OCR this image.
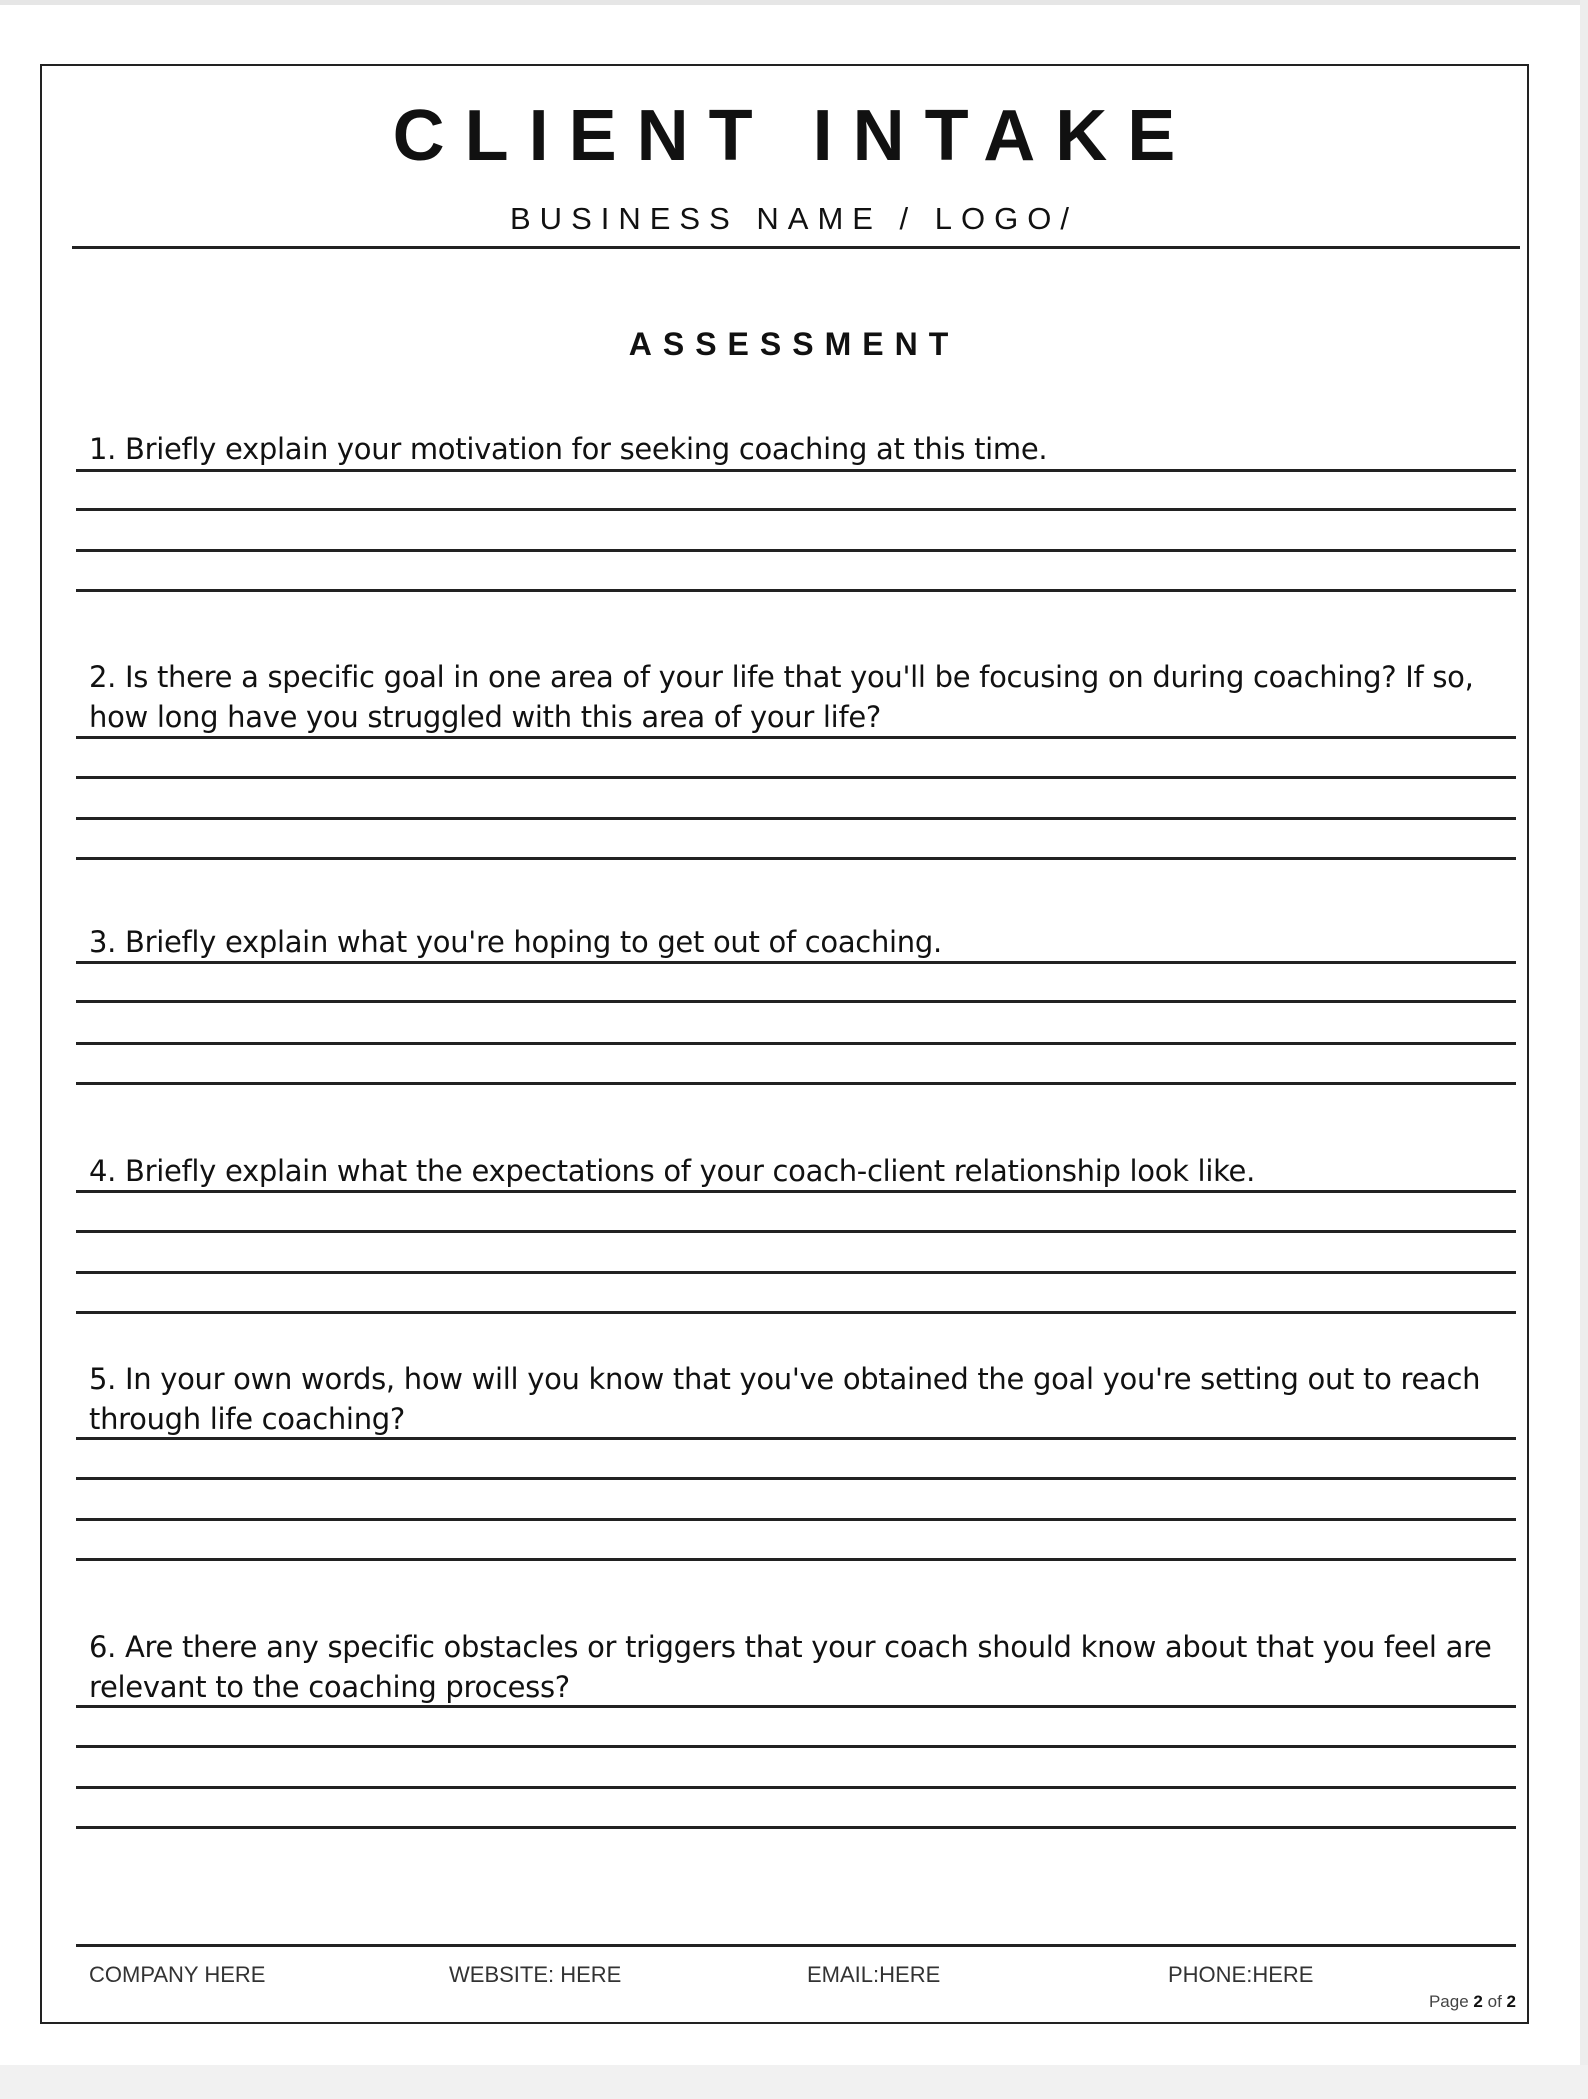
CLIENT INTAKE
BUSINESS NAME / LOGO/
ASSESSMENT
1. Briefly explain your motivation for seeking coaching at this time.
2. Is there a specific goal in one area of your life that you'll be focusing on during coaching? If so, how long have you struggled with this area of your life?
3. Briefly explain what you're hoping to get out of coaching.
4. Briefly explain what the expectations of your coach-client relationship look like.
5. In your own words, how will you know that you've obtained the goal you're setting out to reach through life coaching?
6. Are there any specific obstacles or triggers that your coach should know about that you feel are relevant to the coaching process?
COMPANY HERE	WEBSITE: HERE	EMAIL:HERE	PHONE:HERE
Page 2 of 2
